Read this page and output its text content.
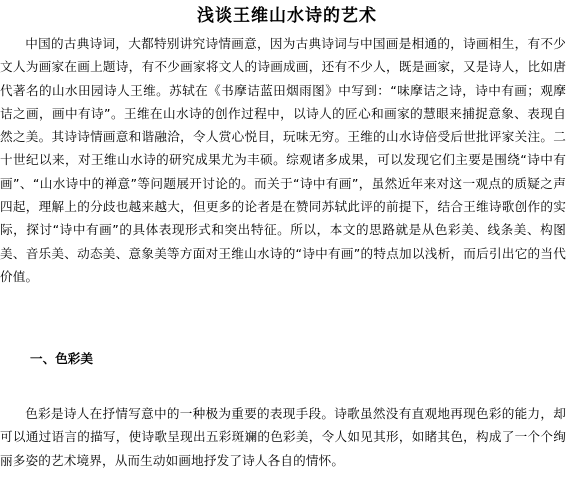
浅谈王维山水诗的艺术

中国的古典诗词，大都特别讲究诗情画意，因为古典诗词与中国画是相通的，诗画相生，有不少文人为画家在画上题诗，有不少画家将文人的诗画成画，还有不少人，既是画家，又是诗人，比如唐代著名的山水田园诗人王维。苏轼在《书摩诘蓝田烟雨图》中写到：“味摩诘之诗，诗中有画；观摩诘之画，画中有诗”。王维在山水诗的创作过程中，以诗人的匠心和画家的慧眼来捕捉意象、表现自然之美。其诗诗情画意和谐融洽，令人赏心悦目，玩味无穷。王维的山水诗倍受后世批评家关注。二十世纪以来，对王维山水诗的研究成果尤为丰硕。综观诸多成果，可以发现它们主要是围绕“诗中有画”、“山水诗中的禅意”等问题展开讨论的。而关于“诗中有画”，虽然近年来对这一观点的质疑之声四起，理解上的分歧也越来越大，但更多的论者是在赞同苏轼此评的前提下，结合王维诗歌创作的实际，探讨“诗中有画”的具体表现形式和突出特征。所以，本文的思路就是从色彩美、线条美、构图美、音乐美、动态美、意象美等方面对王维山水诗的“诗中有画”的特点加以浅析，而后引出它的当代价值。

一、色彩美

色彩是诗人在抒情写意中的一种极为重要的表现手段。诗歌虽然没有直观地再现色彩的能力，却可以通过语言的描写，使诗歌呈现出五彩斑斓的色彩美，令人如见其形，如睹其色，构成了一个个绚丽多姿的艺术境界，从而生动如画地抒发了诗人各自的情怀。
